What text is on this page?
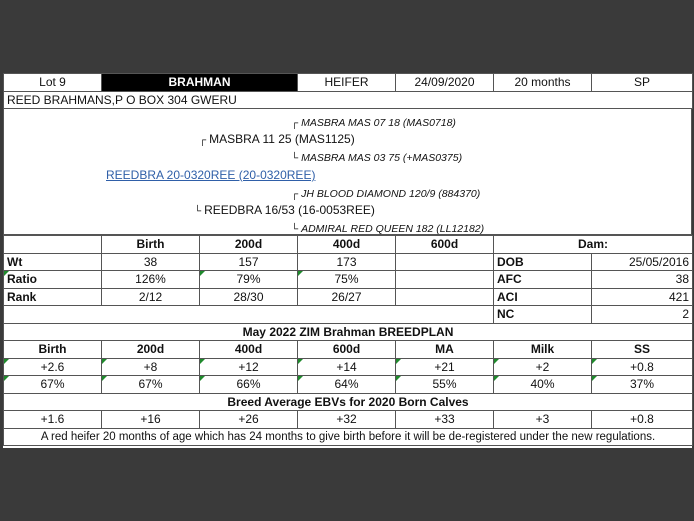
Lot 9	BRAHMAN	HEIFER	24/09/2020	20 months	SP
REED BRAHMANS,P O BOX 304 GWERU
┌ MASBRA MAS 07 18 (MAS0718)
┌ MASBRA 11 25 (MAS1125)
└ MASBRA MAS 03 75 (+MAS0375)
REEDBRA 20-0320REE (20-0320REE)
┌ JH BLOOD DIAMOND 120/9 (884370)
└ REEDBRA 16/53 (16-0053REE)
└ ADMIRAL RED QUEEN 182 (LL12182)
	Birth	200d	400d	600d	Dam:	
Wt	38	157	173		DOB	25/05/2016
Ratio	126%	79%	75%		AFC	38
Rank	2/12	28/30	26/27		ACI	421
					NC	2
May 2022 ZIM Brahman BREEDPLAN						
Birth	200d	400d	600d	MA	Milk	SS
+2.6	+8	+12	+14	+21	+2	+0.8
67%	67%	66%	64%	55%	40%	37%
Breed Average EBVs for 2020 Born Calves						
+1.6	+16	+26	+32	+33	+3	+0.8
A red heifer 20 months of age which has 24 months to give birth before it will be de-registered under the new regulations.						
